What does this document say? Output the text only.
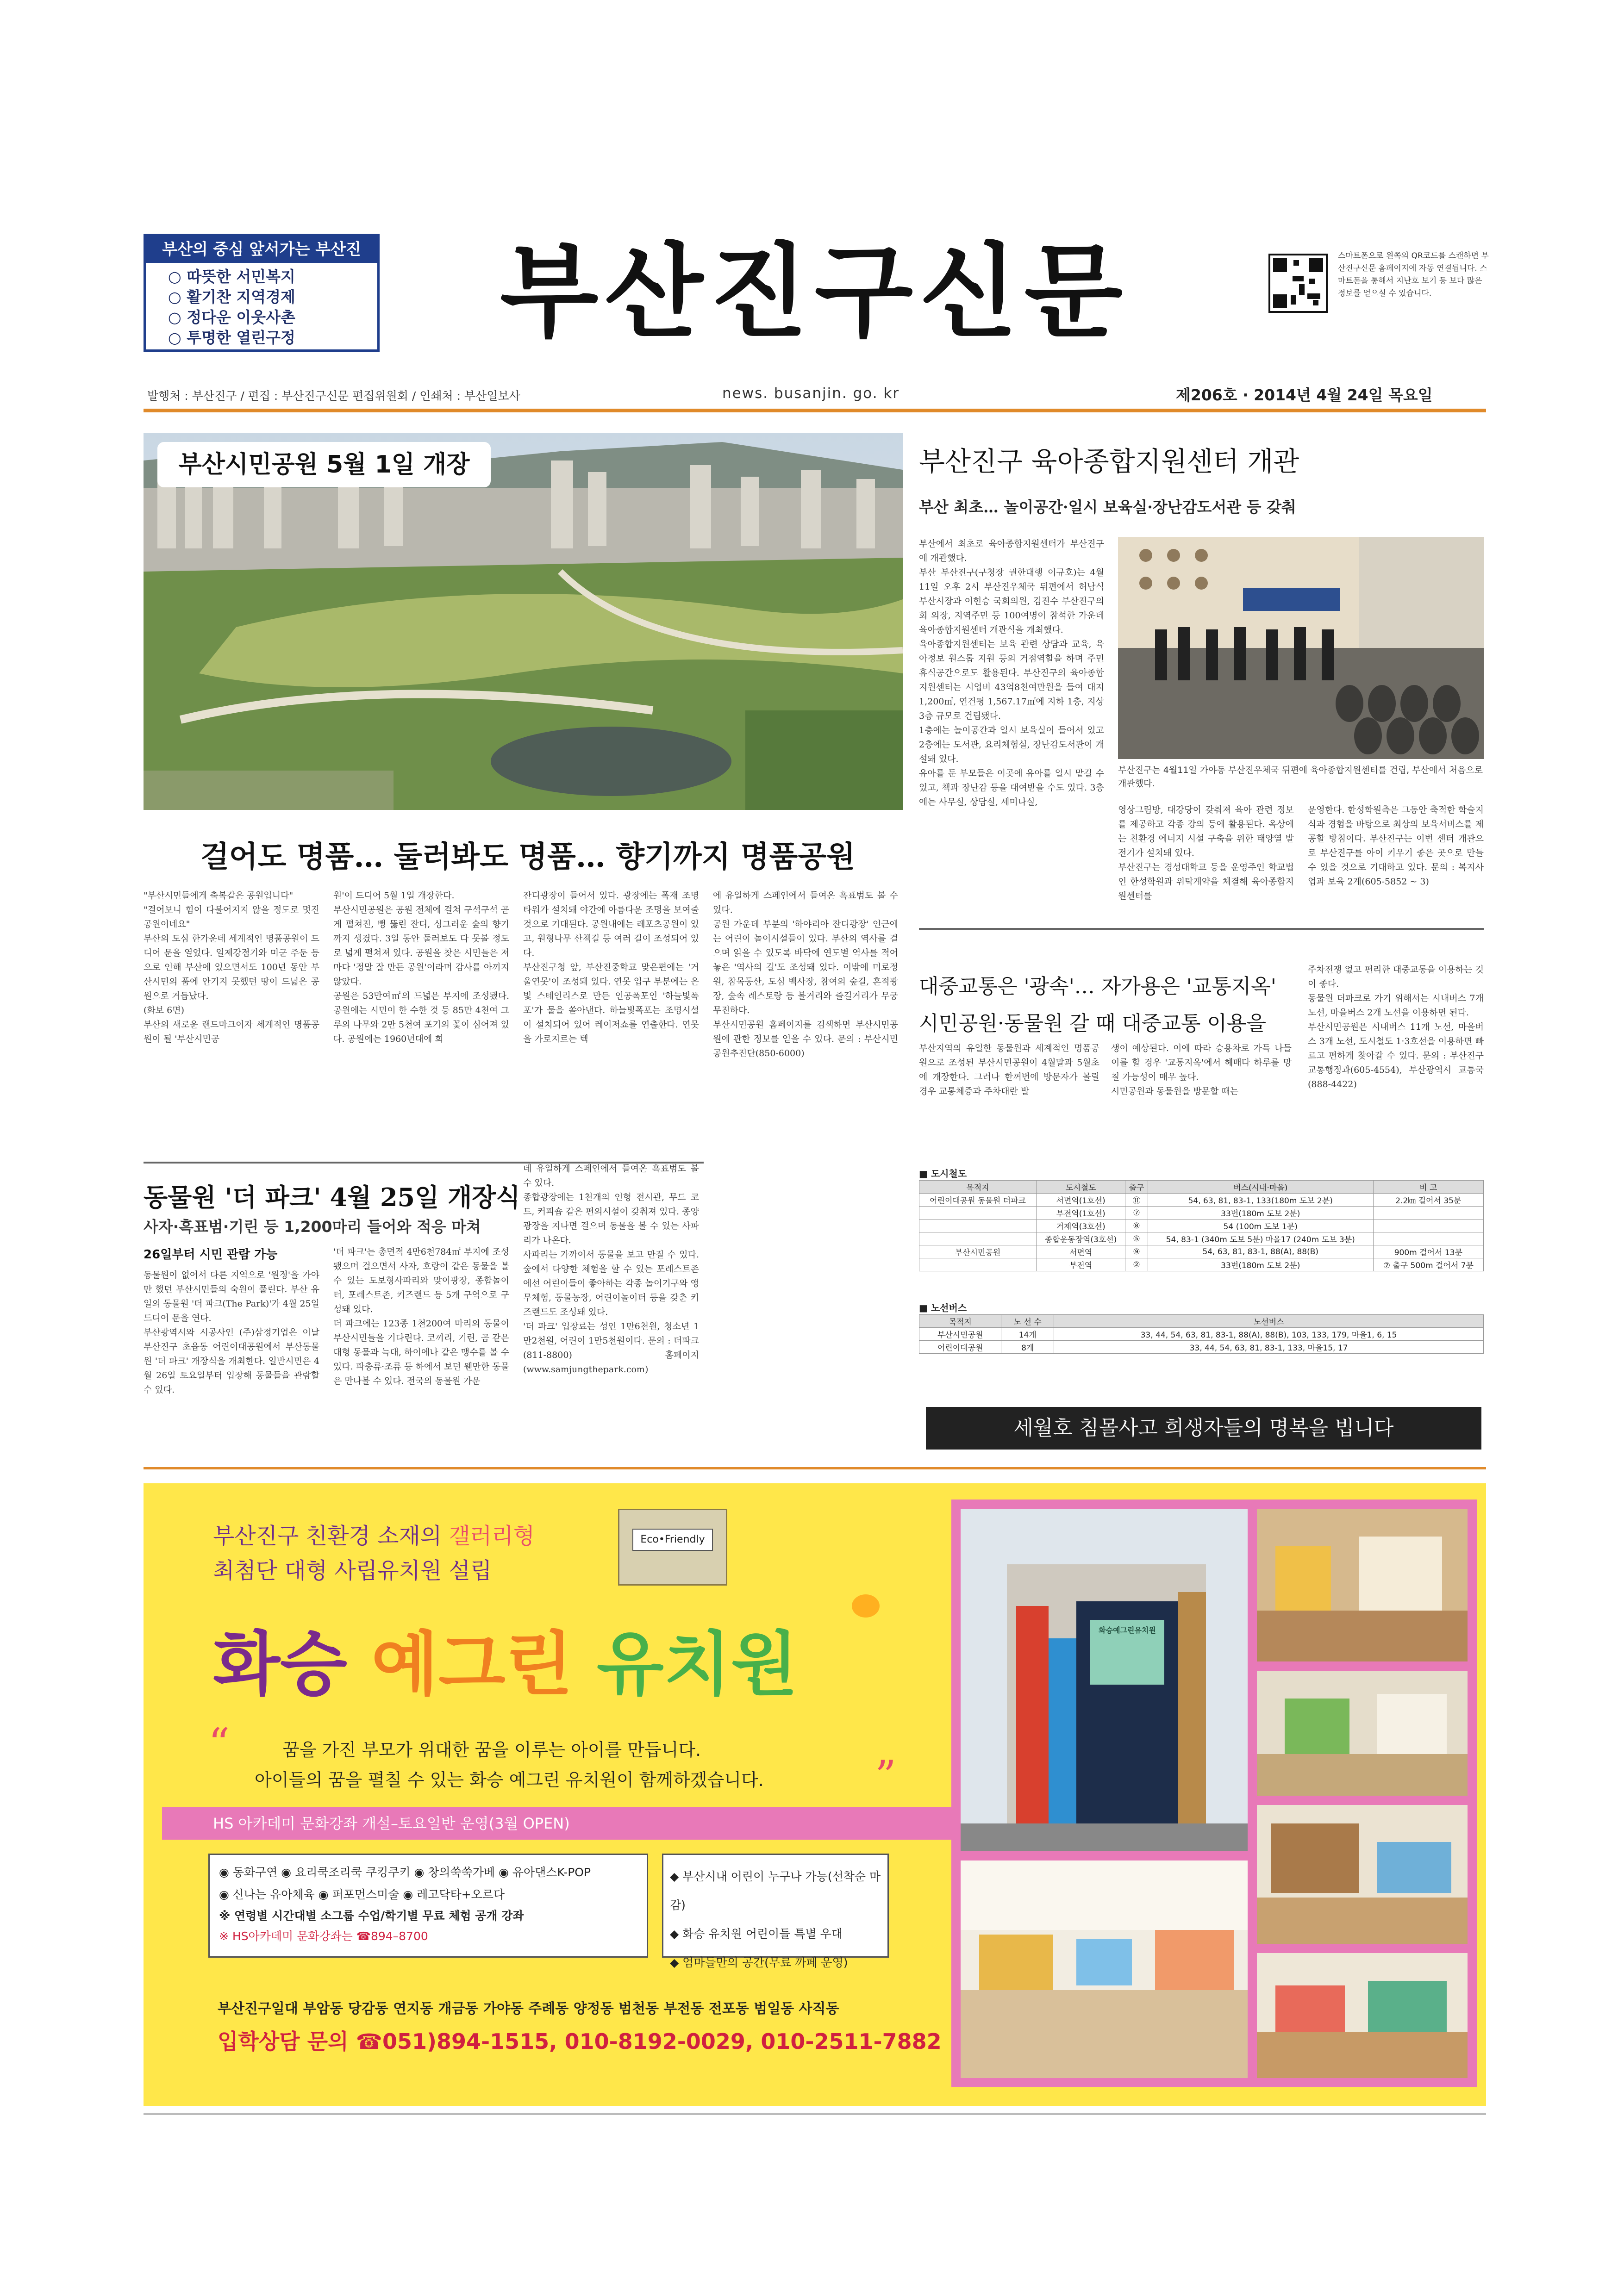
부산의 중심 앞서가는 부산진
○ 따뜻한 서민복지
○ 활기찬 지역경제
○ 정다운 이웃사촌
○ 투명한 열린구정	부산진구신문	스마트폰으로 왼쪽의 QR코드를 스캔하면 부산진구신문 홈페이지에 자동 연결됩니다. 스마트폰을 통해서 지난호 보기 등 보다 많은 정보를 얻으실 수 있습니다.
발행처 : 부산진구 / 편집 : 부산진구신문 편집위원회 / 인쇄처 : 부산일보사	news. busanjin. go. kr	제206호 · 2014년 4월 24일 목요일
부산시민공원 5월 1일 개장
걸어도 명품… 둘러봐도 명품… 향기까지 명품공원
"부산시민들에게 축복같은 공원입니다"
"걸어보니 힘이 다불어지지 않을 정도로 멋진 공원이네요"
부산의 도심 한가운데 세계적인 명품공원이 드디어 문을 열었다. 일제강점기와 미군 주둔 등으로 인해 부산에 있으면서도 100년 동안 부산시민의 품에 안기지 못했던 땅이 드넓은 공원으로 거듭났다.
(화보 6면)
부산의 새로운 랜드마크이자 세계적인 명품공원이 될 '부산시민공
원'이 드디어 5월 1일 개장한다.
부산시민공원은 공원 전체에 걸쳐 구석구석 곧게 펼쳐진, 뻥 뚫린 잔디, 싱그러운 숲의 향기까지 생겼다. 3일 동안 둘러보도 다 못볼 정도로 넓게 펼쳐져 있다. 공원을 찾은 시민들은 저마다 '정말 잘 만든 공원'이라며 감사를 아끼지 않았다.
공원은 53만여㎡의 드넓은 부지에 조성됐다. 공원에는 시민이 한 수한 것 등 85만 4천여 그루의 나무와 2만 5천여 포기의 꽃이 심어져 있다. 공원에는 1960년대에 희
잔디광장이 들어서 있다. 광장에는 폭재 조명타워가 설치돼 야간에 아름다운 조명을 보여줄 것으로 기대된다. 공원내에는 레포츠공원이 있고, 원형나무 산책길 등 여러 길이 조성되어 있다.
부산진구청 앞, 부산진중학교 맞은편에는 '거울연못'이 조성돼 있다. 연못 입구 부분에는 은빛 스테인리스로 만든 인공폭포인 '하늘빛폭포'가 물을 쏟아낸다. 하늘빛폭포는 조명시설이 설치되어 있어 레이저쇼를 연출한다. 연못을 가로지르는 텍
에 유일하게 스페인에서 들여온 흑표범도 볼 수 있다.
공원 가운데 부분의 '하야리아 잔디광장' 인근에는 어린이 놀이시설들이 있다. 부산의 역사를 걸으며 읽을 수 있도록 바닥에 연도별 역사를 적어놓은 '역사의 길'도 조성돼 있다. 이밖에 미로정원, 참목동산, 도심 백사장, 참여의 숲길, 흔적광장, 숲속 레스토랑 등 볼거리와 즐길거리가 무궁무진하다.
부산시민공원 홈페이지를 검색하면 부산시민공원에 관한 정보를 얻을 수 있다. 문의 : 부산시민공원추진단(850-6000)
동물원 '더 파크' 4월 25일 개장식
사자·흑표범·기린 등 1,200마리 들어와 적응 마쳐
26일부터 시민 관람 가능
동물원이 없어서 다른 지역으로 '원정'을 가야만 했던 부산시민들의 숙원이 풀린다. 부산 유일의 동물원 '더 파크(The Park)'가 4월 25일 드디어 문을 연다.
부산광역시와 시공사인 (주)삼정기업은 이날 부산진구 초읍동 어린이대공원에서 부산동물원 '더 파크' 개장식을 개최한다. 일반시민은 4월 26일 토요일부터 입장해 동물들을 관람할 수 있다.
'더 파크'는 총면적 4만6천784㎡ 부지에 조성됐으며 걸으면서 사자, 호랑이 같은 동물을 볼 수 있는 도보형사파리와 맞이광장, 종합놀이터, 포레스트존, 키즈랜드 등 5개 구역으로 구성돼 있다.
더 파크에는 123종 1천200여 마리의 동물이 부산시민들을 기다린다. 코끼리, 기린, 곰 같은 대형 동물과 늑대, 하이에나 같은 맹수를 볼 수 있다. 파충류·조류 등 하에서 보던 웬만한 동물은 만나볼 수 있다. 전국의 동물원 가운
데 유일하게 스페인에서 들여온 흑표범도 볼 수 있다.
종합광장에는 1천개의 인형 전시관, 무드 코트, 커피숍 같은 편의시설이 갖춰져 있다. 종양광장을 지나면 걸으며 동물을 볼 수 있는 사파리가 나온다.
사파리는 가까이서 동물을 보고 만질 수 있다. 숲에서 다양한 체험을 할 수 있는 포레스트존에선 어린이들이 좋아하는 각종 놀이기구와 앵무체험, 동물농장, 어린이놀이터 등을 갖춘 키즈랜드도 조성돼 있다.
'더 파크' 입장료는 성인 1만6천원, 청소년 1만2천원, 어린이 1만5천원이다. 문의 : 더파크(811-8800) 홈페이지(www.samjungthepark.com)
부산진구 육아종합지원센터 개관
부산 최초… 놀이공간·일시 보육실·장난감도서관 등 갖춰
부산에서 최초로 육아종합지원센터가 부산진구에 개관했다.
부산 부산진구(구청장 권한대행 이규호)는 4월 11일 오후 2시 부산진우체국 뒤편에서 허남식 부산시장과 이헌승 국회의원, 김진수 부산진구의회 의장, 지역주민 등 100여명이 참석한 가운데 육아종합지원센터 개관식을 개최했다.
육아종합지원센터는 보육 관련 상담과 교육, 육아정보 원스톱 지원 등의 거점역할을 하며 주민 휴식공간으로도 활용된다. 부산진구의 육아종합지원센터는 시업비 43억8천여만원을 들여 대지 1,200㎡, 연건평 1,567.17㎡에 지하 1층, 지상 3층 규모로 건립됐다.
1층에는 놀이공간과 일시 보육실이 들어서 있고 2층에는 도서관, 요리체험실, 장난감도서관이 개설돼 있다.
유아를 둔 부모들은 이곳에 유아를 일시 맡길 수 있고, 책과 장난감 등을 대여받을 수도 있다. 3층에는 사무실, 상담실, 세미나실,
부산진구는 4월11일 가야동 부산진우체국 뒤편에 육아종합지원센터를 건립, 부산에서 처음으로 개관했다.
영상그림방, 대강당이 갖춰져 육아 관련 정보를 제공하고 각종 강의 등에 활용된다. 옥상에는 친환경 에너지 시설 구축을 위한 태양열 발전기가 설치돼 있다.
부산진구는 경성대학교 등을 운영주인 학교법인 한성학원과 위탁계약을 체결해 육아종합지원센터를
운영한다. 한성학원측은 그동안 축적한 학술지식과 경험을 바탕으로 최상의 보육서비스를 제공할 방침이다. 부산진구는 이번 센터 개관으로 부산진구를 아이 키우기 좋은 곳으로 만들 수 있을 것으로 기대하고 있다. 문의 : 복지사업과 보육 2계(605-5852 ~ 3)
대중교통은 '광속'… 자가용은 '교통지옥'
시민공원·동물원 갈 때 대중교통 이용을
부산지역의 유일한 동물원과 세계적인 명품공원으로 조성된 부산시민공원이 4월말과 5월초에 개장한다. 그러나 한꺼번에 방문자가 몰릴 경우 교통체증과 주차대란 발
생이 예상된다. 이에 따라 승용차로 가득 나들이를 할 경우 '교통지옥'에서 헤매다 하루를 망칠 가능성이 매우 높다.
시민공원과 동물원을 방문할 때는
주차전쟁 없고 편리한 대중교통을 이용하는 것이 좋다.
동물원 더파크로 가기 위해서는 시내버스 7개 노선, 마을버스 2개 노선을 이용하면 된다.
부산시민공원은 시내버스 11개 노선, 마을버스 3개 노선, 도시철도 1·3호선을 이용하면 빠르고 편하게 찾아갈 수 있다. 문의 : 부산진구 교통행정과(605-4554), 부산광역시 교통국(888-4422)
■ 도시철도
목적지	도시철도	출구	버스(시내·마을)	비 고
어린이대공원 동물원 더파크	서면역(1호선)	⑪	54, 63, 81, 83-1, 133(180m 도보 2분)	2.2㎞ 걸어서 35분
	부전역(1호선)	⑦	33번(180m 도보 2분)	
	거제역(3호선)	⑧	54 (100m 도보 1분)	
	종합운동장역(3호선)	⑤	54, 83-1 (340m 도보 5분) 마을17 (240m 도보 3분)	
부산시민공원	서면역	⑨	54, 63, 81, 83-1, 88(A), 88(B)	900m 걸어서 13분
	부전역	②	33번(180m 도보 2분)	⑦ 출구 500m 걸어서 7분
■ 노선버스
목적지	노 선 수	노선버스
부산시민공원	14개	33, 44, 54, 63, 81, 83-1, 88(A), 88(B), 103, 133, 179, 마을1, 6, 15
어린이대공원	8개	33, 44, 54, 63, 81, 83-1, 133, 마을15, 17
세월호 침몰사고 희생자들의 명복을 빕니다
부산진구 친환경 소재의 갤러리형
최첨단 대형 사립유치원 설립
Eco•Friendly
화승 예그린 유치원
“
”
꿈을 가진 부모가 위대한 꿈을 이루는 아이를 만듭니다.
아이들의 꿈을 펼칠 수 있는 화승 예그린 유치원이 함께하겠습니다.
HS 아카데미 문화강좌 개설–토요일반 운영(3월 OPEN)
◉ 동화구연 ◉ 요리쿡조리쿡 쿠킹쿠키 ◉ 창의쑥쑥가베 ◉ 유아댄스K-POP
◉ 신나는 유아체육 ◉ 퍼포먼스미술 ◉ 레고닥타+오르다
※ 연령별 시간대별 소그룹 수업/학기별 무료 체험 공개 강좌
※ HS아카데미 문화강좌는 ☎894–8700
◆ 부산시내 어린이 누구나 가능(선착순 마감)
◆ 화승 유치원 어린이들 특별 우대
◆ 엄마들만의 공간(무료 까페 운영)
부산진구일대 부암동 당감동 연지동 개금동 가야동 주례동 양정동 범천동 부전동 전포동 범일동 사직동
입학상담 문의 ☎051)894-1515, 010-8192-0029, 010-2511-7882
화승예그린유치원
